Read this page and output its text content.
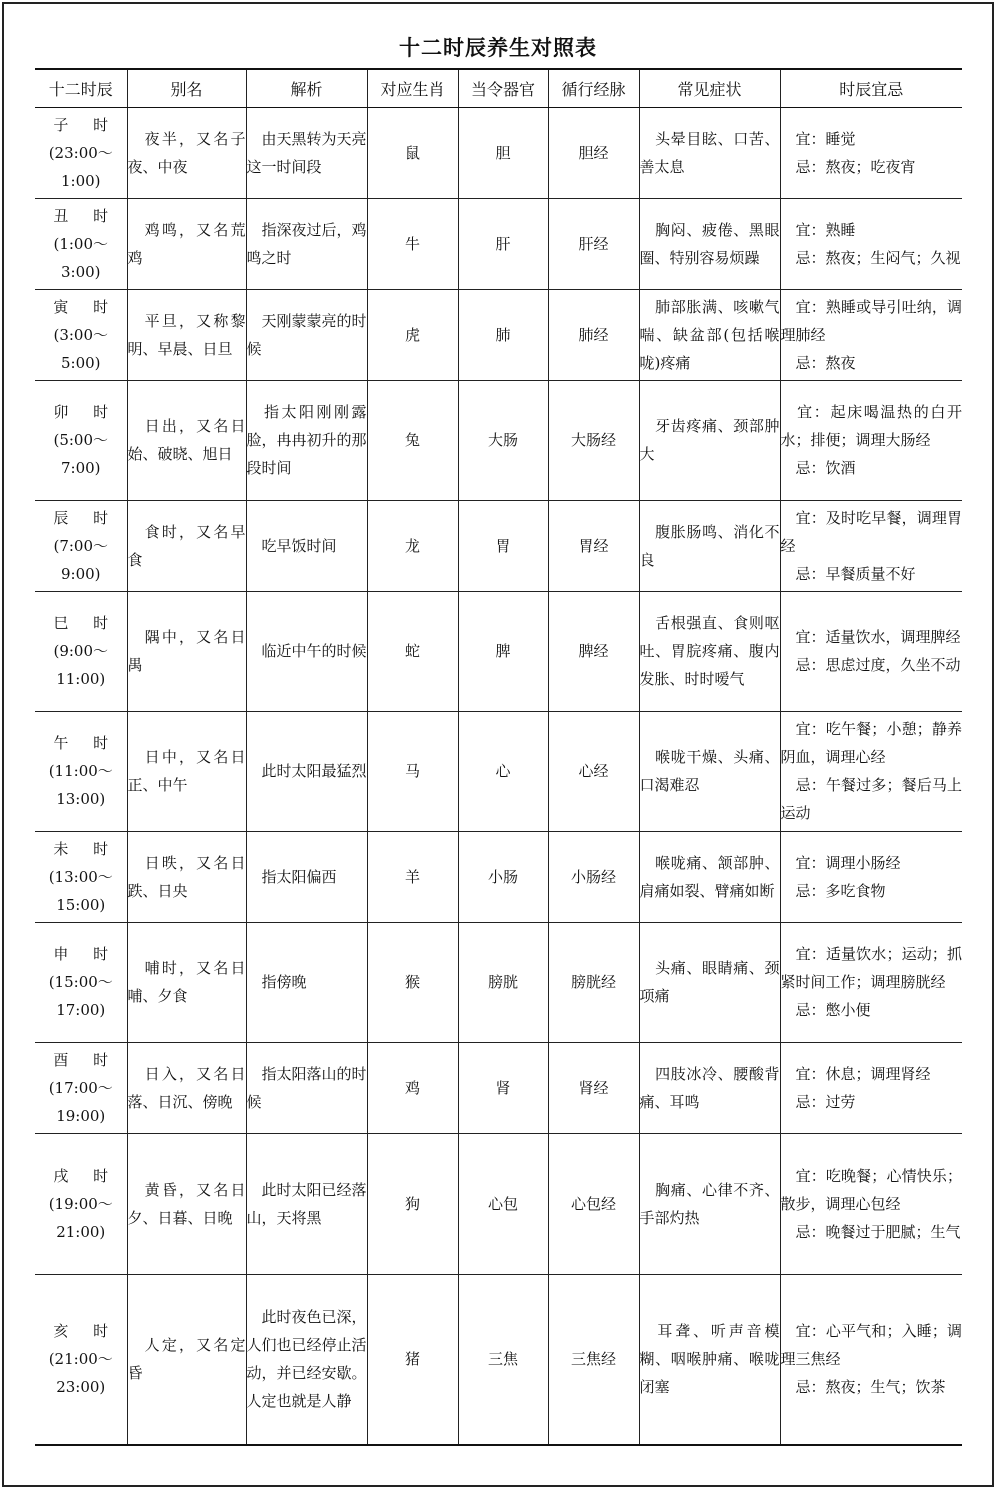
十二时辰养生对照表
十二时辰	别名	解析	对应生肖	当令器官	循行经脉	常见症状	时辰宜忌

子 时
(23:00～1:00)	　夜半，又名子夜、中夜	　由天黑转为天亮这一时间段	鼠	胆	胆经	　头晕目眩、口苦、善太息	　宜：睡觉
　忌：熬夜；吃夜宵

丑 时
(1:00～3:00)	　鸡鸣，又名荒鸡	　指深夜过后，鸡鸣之时	牛	肝	肝经	　胸闷、疲倦、黑眼圈、特别容易烦躁	　宜：熟睡
　忌：熬夜；生闷气；久视

寅 时
(3:00～5:00)	　平旦，又称黎明、早晨、日旦	　天刚蒙蒙亮的时候	虎	肺	肺经	　肺部胀满、咳嗽气喘、缺盆部(包括喉咙)疼痛	　宜：熟睡或导引吐纳，调理肺经
　忌：熬夜

卯 时
(5:00～7:00)	　日出，又名日始、破晓、旭日	　指太阳刚刚露脸，冉冉初升的那段时间	兔	大肠	大肠经	　牙齿疼痛、颈部肿大	　宜：起床喝温热的白开水；排便；调理大肠经
　忌：饮酒

辰 时
(7:00～9:00)	　食时，又名早食	　吃早饭时间	龙	胃	胃经	　腹胀肠鸣、消化不良	　宜：及时吃早餐，调理胃经
　忌：早餐质量不好

巳 时
(9:00～11:00)	　隅中，又名日禺	　临近中午的时候	蛇	脾	脾经	　舌根强直、食则呕吐、胃脘疼痛、腹内发胀、时时嗳气	　宜：适量饮水，调理脾经
　忌：思虑过度，久坐不动

午 时
(11:00～13:00)	　日中，又名日正、中午	　此时太阳最猛烈	马	心	心经	　喉咙干燥、头痛、口渴难忍	　宜：吃午餐；小憩；静养阴血，调理心经
　忌：午餐过多；餐后马上运动

未 时
(13:00～15:00)	　日昳，又名日跌、日央	　指太阳偏西	羊	小肠	小肠经	　喉咙痛、颔部肿、肩痛如裂、臂痛如断	　宜：调理小肠经
　忌：多吃食物

申 时
(15:00～17:00)	　哺时，又名日哺、夕食	　指傍晚	猴	膀胱	膀胱经	　头痛、眼睛痛、颈项痛	　宜：适量饮水；运动；抓紧时间工作；调理膀胱经
　忌：憋小便

酉 时
(17:00～19:00)	　日入，又名日落、日沉、傍晚	　指太阳落山的时候	鸡	肾	肾经	　四肢冰冷、腰酸背痛、耳鸣	　宜：休息；调理肾经
　忌：过劳

戌 时
(19:00～21:00)	　黄昏，又名日夕、日暮、日晚	　此时太阳已经落山，天将黑	狗	心包	心包经	　胸痛、心律不齐、手部灼热	　宜：吃晚餐；心情快乐；散步，调理心包经
　忌：晚餐过于肥腻；生气

亥 时
(21:00～23:00)	　人定，又名定昏	　此时夜色已深，人们也已经停止活动，并已经安歇。人定也就是人静	猪	三焦	三焦经	　耳聋、听声音模糊、咽喉肿痛、喉咙闭塞	　宜：心平气和；入睡；调理三焦经
　忌：熬夜；生气；饮茶
